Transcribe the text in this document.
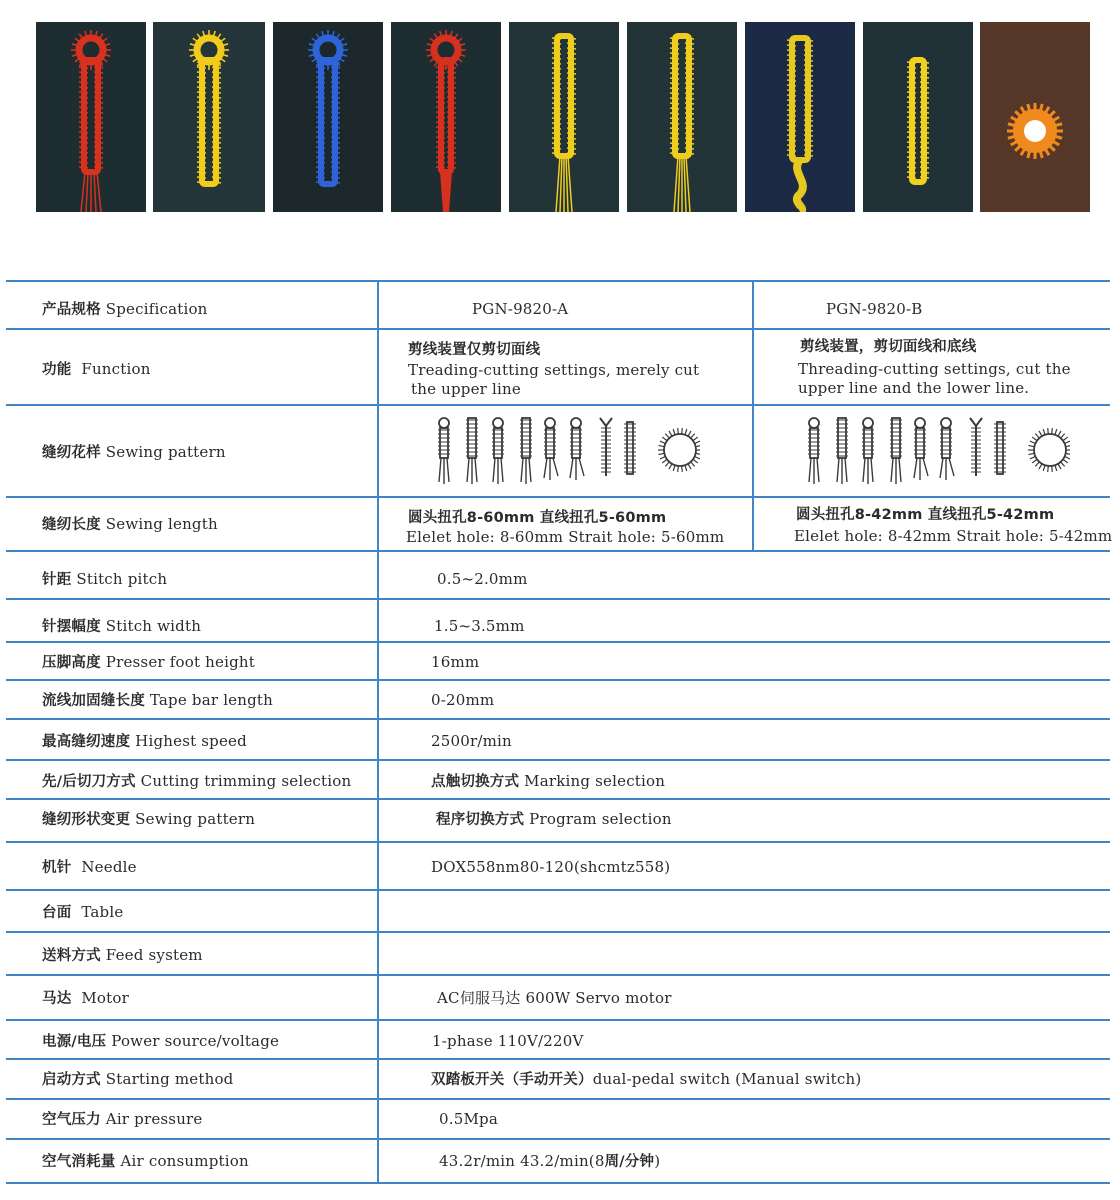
产品规格 Specification
功能 Function
缝纫花样 Sewing pattern
缝纫长度 Sewing length
针距 Stitch pitch
针摆幅度 Stitch width
压脚高度 Presser foot height
流线加固缝长度 Tape bar length
最高缝纫速度 Highest speed
先/后切刀方式 Cutting trimming selection
缝纫形状变更 Sewing pattern
机针 Needle
台面 Table
送料方式 Feed system
马达 Motor
电源/电压 Power source/voltage
启动方式 Starting method
空气压力 Air pressure
空气消耗量 Air consumption
PGN-9820-A	PGN-9820-B
剪线装置仅剪切面线
Treading-cutting settings, merely cut
the upper line
剪线装置，剪切面线和底线
Threading-cutting settings, cut the
upper line and the lower line.
圆头扭孔8-60mm 直线扭孔5-60mm
Elelet hole: 8-60mm Strait hole: 5-60mm
圆头扭孔8-42mm 直线扭孔5-42mm
Elelet hole: 8-42mm Strait hole: 5-42mm
0.5~2.0mm
1.5~3.5mm
16mm
0-20mm
2500r/min
点触切换方式 Marking selection
程序切换方式 Program selection
DOX558nm80-120(shcmtz558)
AC伺服马达 600W Servo motor
1-phase 110V/220V
双踏板开关（手动开关）dual-pedal switch (Manual switch)
0.5Mpa
43.2r/min 43.2/min(8周/分钟)
